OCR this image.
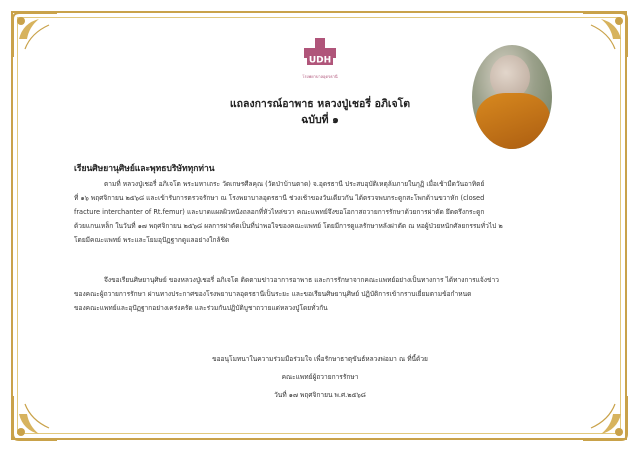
UDH
โรงพยาบาลอุดรธานี
แถลงการณ์อาพาธ หลวงปู่เชอรี่ อภิเจโต
ฉบับที่ ๑
เรียนศิษยานุศิษย์และพุทธบริษัททุกท่าน
ตามที่ หลวงปู่เชอรี่ อภิเจโต พระมหาเถระ วัดเกษรศีลคุณ (วัดป่าบ้านตาด) จ.อุดรธานี ประสบอุบัติเหตุล้มภายในกุฏิ เมื่อเช้ามืดวันอาทิตย์
ที่ ๑๖ พฤศจิกายน ๒๕๖๘ และเข้ารับการตรวจรักษา ณ โรงพยาบาลอุดรธานี ช่วงเช้าของวันเดียวกัน ได้ตรวจพบกระดูกสะโพกด้านขวาหัก (closed
fracture interchanter of Rt.femur) และบาดแผลผิวหนังถลอกที่หัวไหล่ขวา คณะแพทย์จึงขอโอกาสถวายการรักษาด้วยการผ่าตัด ยึดตรึงกระดูก
ด้วยแกนเหล็ก ในวันที่ ๑๗ พฤศจิกายน ๒๕๖๘ ผลการผ่าตัดเป็นที่น่าพอใจของคณะแพทย์ โดยมีการดูแลรักษาหลังผ่าตัด ณ หอผู้ป่วยหนักศัลยกรรมทั่วไป ๒
โดยมีคณะแพทย์ พระและโยมอุปัฏฐากดูแลอย่างใกล้ชิด
จึงขอเรียนศิษยานุศิษย์ ของหลวงปู่เชอรี่ อภิเจโต ติดตามข่าวอาการอาพาธ และการรักษาจากคณะแพทย์อย่างเป็นทางการ ได้ทางการแจ้งข่าว
ของคณะผู้ถวายการรักษา ผ่านทางประกาศของโรงพยาบาลอุดรธานีเป็นระยะ และขอเรียนศิษยานุศิษย์ ปฏิบัติการเข้ากราบเยี่ยมตามข้อกำหนด
ของคณะแพทย์และอุปัฏฐากอย่างเคร่งครัด และร่วมกันปฏิบัติบูชาถวายแด่หลวงปู่โดยทั่วกัน
ขออนุโมทนาในความร่วมมือร่วมใจ เพื่อรักษาธาตุขันธ์หลวงพ่อมา ณ ที่นี้ด้วย
คณะแพทย์ผู้ถวายการรักษา
วันที่ ๑๗ พฤศจิกายน พ.ศ.๒๕๖๘
